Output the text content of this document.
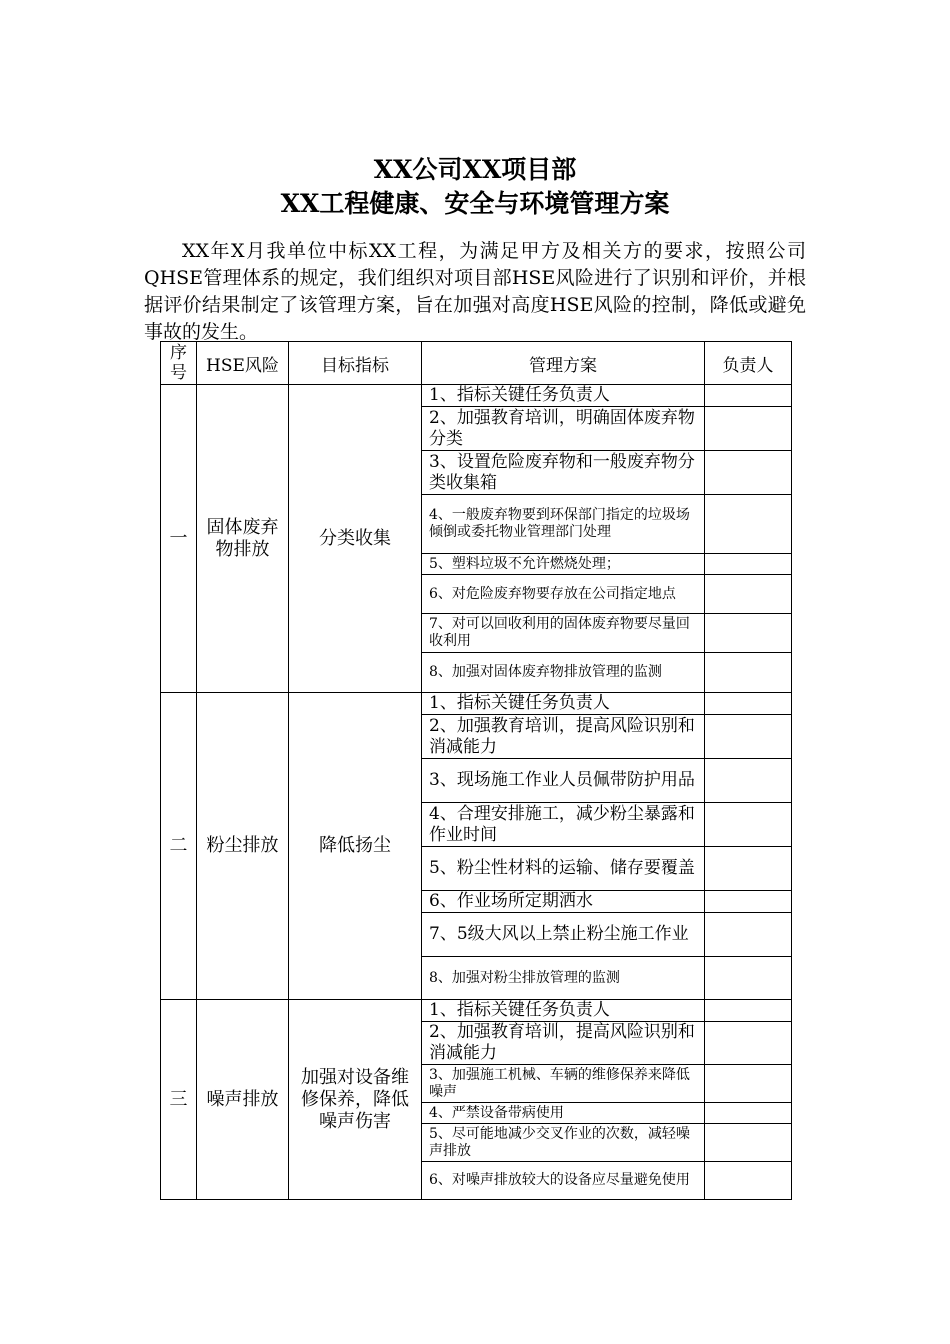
XX公司XX项目部
XX工程健康、安全与环境管理方案

XX年X月我单位中标XX工程，为满足甲方及相关方的要求，按照公司QHSE管理体系的规定，我们组织对项目部HSE风险进行了识别和评价，并根据评价结果制定了该管理方案，旨在加强对高度HSE风险的控制，降低或避免事故的发生。

序号	HSE风险	目标指标	管理方案	负责人
一	固体废弃物排放	分类收集	1、指标关键任务负责人	
			2、加强教育培训，明确固体废弃物分类	
			3、设置危险废弃物和一般废弃物分类收集箱	
			4、一般废弃物要到环保部门指定的垃圾场倾倒或委托物业管理部门处理	
			5、塑料垃圾不允许燃烧处理；	
			6、对危险废弃物要存放在公司指定地点	
			7、对可以回收利用的固体废弃物要尽量回收利用	
			8、加强对固体废弃物排放管理的监测	
二	粉尘排放	降低扬尘	1、指标关键任务负责人	
			2、加强教育培训，提高风险识别和消减能力	
			3、现场施工作业人员佩带防护用品	
			4、合理安排施工，减少粉尘暴露和作业时间	
			5、粉尘性材料的运输、储存要覆盖	
			6、作业场所定期洒水	
			7、5级大风以上禁止粉尘施工作业	
			8、加强对粉尘排放管理的监测	
三	噪声排放	加强对设备维修保养，降低噪声伤害	1、指标关键任务负责人	
			2、加强教育培训，提高风险识别和消减能力	
			3、加强施工机械、车辆的维修保养来降低噪声	
			4、严禁设备带病使用	
			5、尽可能地减少交叉作业的次数，减轻噪声排放	
			6、对噪声排放较大的设备应尽量避免使用	
